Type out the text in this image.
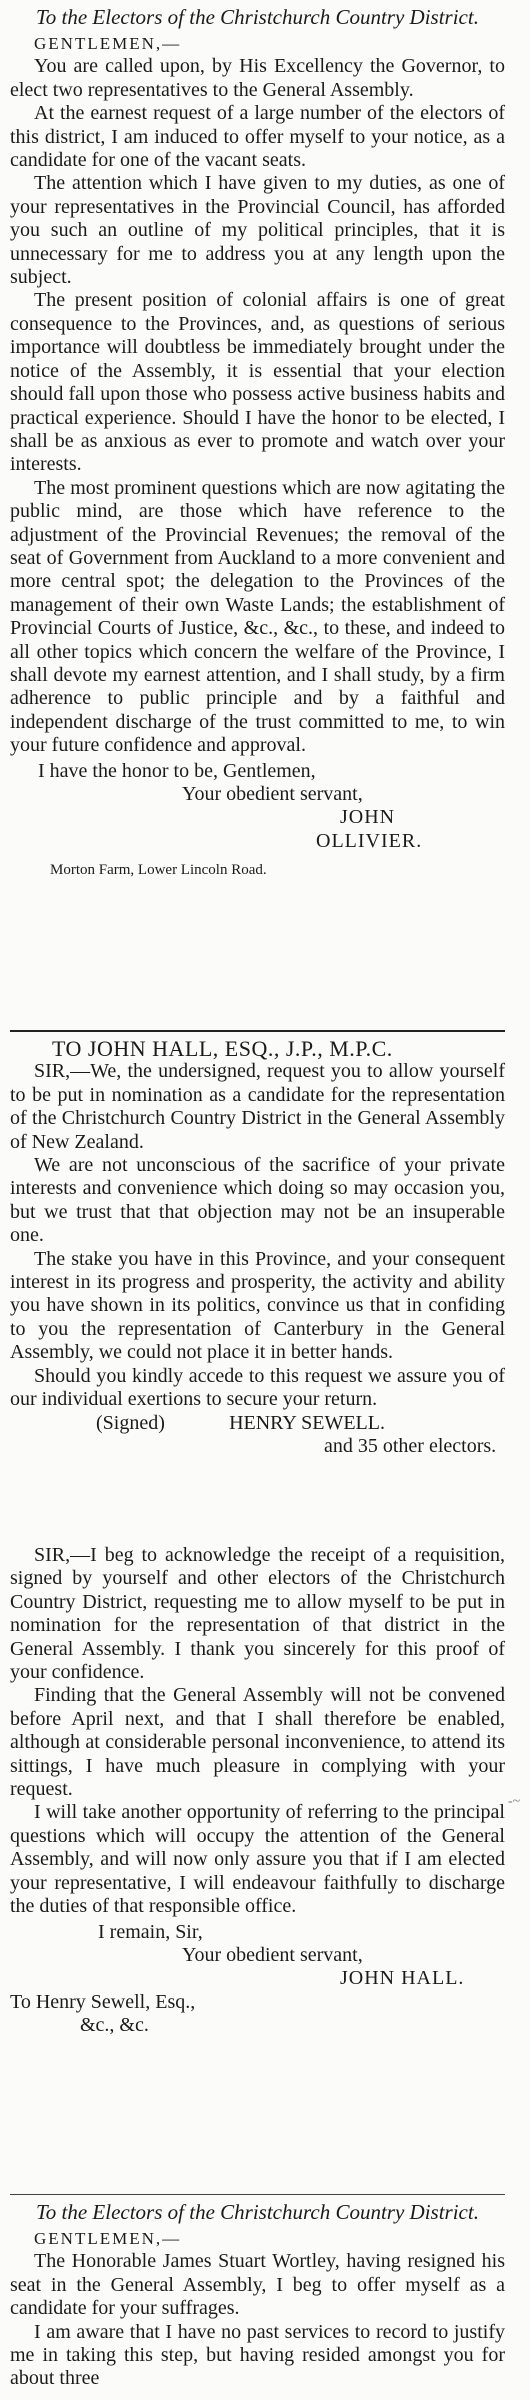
To the Electors of the Christchurch Country District.
GENTLEMEN,—

You are called upon, by His Excellency the Governor, to elect two representatives to the General Assembly.

At the earnest request of a large number of the electors of this district, I am induced to offer myself to your notice, as a candidate for one of the vacant seats.

The attention which I have given to my duties, as one of your representatives in the Provincial Council, has afforded you such an outline of my political principles, that it is unnecessary for me to address you at any length upon the subject.

The present position of colonial affairs is one of great consequence to the Provinces, and, as questions of serious importance will doubtless be immediately brought under the notice of the Assembly, it is essential that your election should fall upon those who possess active business habits and practical experience. Should I have the honor to be elected, I shall be as anxious as ever to promote and watch over your interests.

The most prominent questions which are now agitating the public mind, are those which have reference to the adjustment of the Provincial Revenues; the removal of the seat of Government from Auckland to a more convenient and more central spot; the delegation to the Provinces of the management of their own Waste Lands; the establishment of Provincial Courts of Justice, &c., &c., to these, and indeed to all other topics which concern the welfare of the Province, I shall devote my earnest attention, and I shall study, by a firm adherence to public principle and by a faithful and independent discharge of the trust committed to me, to win your future confidence and approval.

I have the honor to be, Gentlemen,

Your obedient servant,

JOHN OLLIVIER.

Morton Farm, Lower Lincoln Road.
TO JOHN HALL, ESQ., J.P., M.P.C.

SIR,—We, the undersigned, request you to allow yourself to be put in nomination as a candidate for the representation of the Christchurch Country District in the General Assembly of New Zealand.

We are not unconscious of the sacrifice of your private interests and convenience which doing so may occasion you, but we trust that that objection may not be an insuperable one.

The stake you have in this Province, and your consequent interest in its progress and prosperity, the activity and ability you have shown in its politics, convince us that in confiding to you the representation of Canterbury in the General Assembly, we could not place it in better hands.

Should you kindly accede to this request we assure you of our individual exertions to secure your return.

(Signed)	HENRY SEWELL.
and 35 other electors.

SIR,—I beg to acknowledge the receipt of a requisition, signed by yourself and other electors of the Christchurch Country District, requesting me to allow myself to be put in nomination for the representation of that district in the General Assembly. I thank you sincerely for this proof of your confidence.

Finding that the General Assembly will not be convened before April next, and that I shall therefore be enabled, although at considerable personal inconvenience, to attend its sittings, I have much pleasure in complying with your request.

I will take another opportunity of referring to the principal questions which will occupy the attention of the General Assembly, and will now only assure you that if I am elected your representative, I will endeavour faithfully to discharge the duties of that responsible office.

I remain, Sir,

Your obedient servant,

JOHN HALL.

To Henry Sewell, Esq.,
&c., &c.
To the Electors of the Christchurch Country District.
GENTLEMEN,—

The Honorable James Stuart Wortley, having resigned his seat in the General Assembly, I beg to offer myself as a candidate for your suffrages.

I am aware that I have no past services to record to justify me in taking this step, but having resided amongst you for about three

-~
